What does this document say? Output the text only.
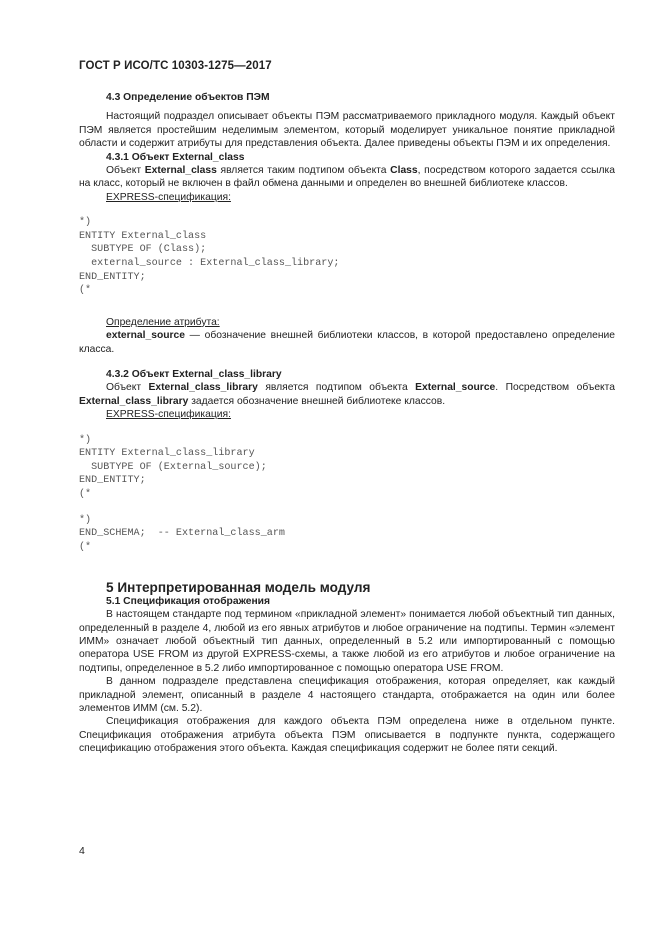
ГОСТ Р ИСО/ТС 10303-1275—2017

4.3 Определение объектов ПЭМ

Настоящий подраздел описывает объекты ПЭМ рассматриваемого прикладного модуля. Каждый объект ПЭМ является простейшим неделимым элементом, который моделирует уникальное понятие прикладной области и содержит атрибуты для представления объекта. Далее приведены объекты ПЭМ и их определения.

4.3.1 Объект External_class

Объект External_class является таким подтипом объекта Class, посредством которого задается ссылка на класс, который не включен в файл обмена данными и определен во внешней библиотеке классов.

EXPRESS-спецификация:

*)
ENTITY External_class
SUBTYPE OF (Class);
external_source : External_class_library;
END_ENTITY;
(*

Определение атрибута:

external_source — обозначение внешней библиотеки классов, в которой предоставлено определение класса.

4.3.2 Объект External_class_library

Объект External_class_library является подтипом объекта External_source. Посредством объекта External_class_library задается обозначение внешней библиотеке классов.

EXPRESS-спецификация:

*)
ENTITY External_class_library
SUBTYPE OF (External_source);
END_ENTITY;
(*
*)
END_SCHEMA;  -- External_class_arm
(*

5 Интерпретированная модель модуля

5.1 Спецификация отображения

В настоящем стандарте под термином «прикладной элемент» понимается любой объектный тип данных, определенный в разделе 4, любой из его явных атрибутов и любое ограничение на подтипы. Термин «элемент ИММ» означает любой объектный тип данных, определенный в 5.2 или импортированный с помощью оператора USE FROM из другой EXPRESS-схемы, а также любой из его атрибутов и любое ограничение на подтипы, определенное в 5.2 либо импортированное с помощью оператора USE FROM.

В данном подразделе представлена спецификация отображения, которая определяет, как каждый прикладной элемент, описанный в разделе 4 настоящего стандарта, отображается на один или более элементов ИММ (см. 5.2).

Спецификация отображения для каждого объекта ПЭМ определена ниже в отдельном пункте. Спецификация отображения атрибута объекта ПЭМ описывается в подпункте пункта, содержащего спецификацию отображения этого объекта. Каждая спецификация содержит не более пяти секций.

4
